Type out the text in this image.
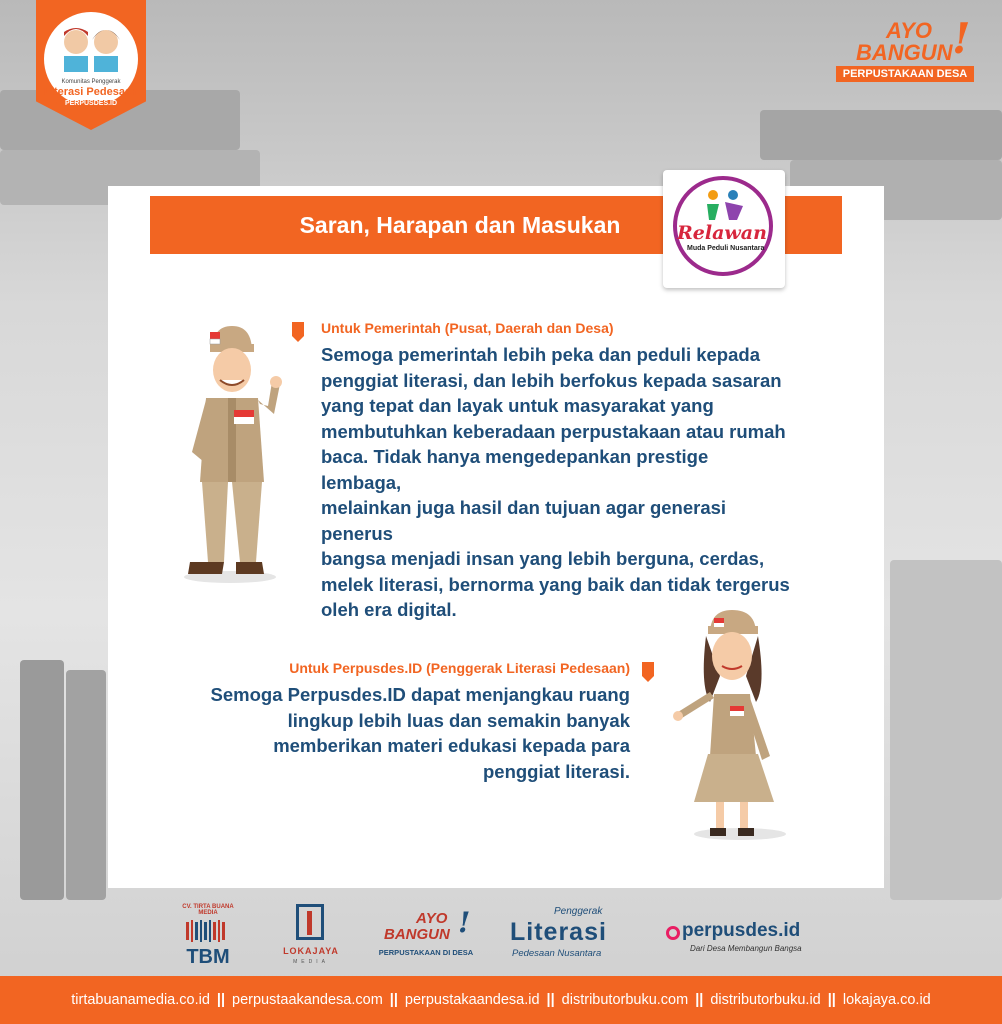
Komunitas Penggerak
Literasi Pedesaan
PERPUSDES.ID
AYO
BANGUN !
PERPUSTAKAAN DESA
Saran, Harapan dan Masukan	Relawan
Muda Peduli Nusantara
Untuk Pemerintah (Pusat, Daerah dan Desa)
Semoga pemerintah lebih peka dan peduli kepada
penggiat literasi, dan lebih berfokus kepada sasaran
yang tepat dan layak untuk masyarakat yang
membutuhkan keberadaan perpustakaan atau rumah
baca. Tidak hanya mengedepankan prestige lembaga,
melainkan juga hasil dan tujuan agar generasi penerus
bangsa menjadi insan yang lebih berguna, cerdas,
melek literasi, bernorma yang baik dan tidak tergerus
oleh era digital.
Untuk Perpusdes.ID (Penggerak Literasi Pedesaan)
Semoga Perpusdes.ID dapat menjangkau ruang
lingkup lebih luas dan semakin banyak
memberikan materi edukasi kepada para
penggiat literasi.
CV. TIRTA BUANA MEDIA
TBM	LOKAJAYA
MEDIA
AYO
BANGUN !
PERPUSTAKAAN DI DESA
Penggerak
Literasi
Pedesaan Nusantara
perpusdes.id
Dari Desa Membangun Bangsa
tirtabuanamedia.co.id || perpustaakandesa.com || perpustakaandesa.id || distributorbuku.com || distributorbuku.id || lokajaya.co.id
